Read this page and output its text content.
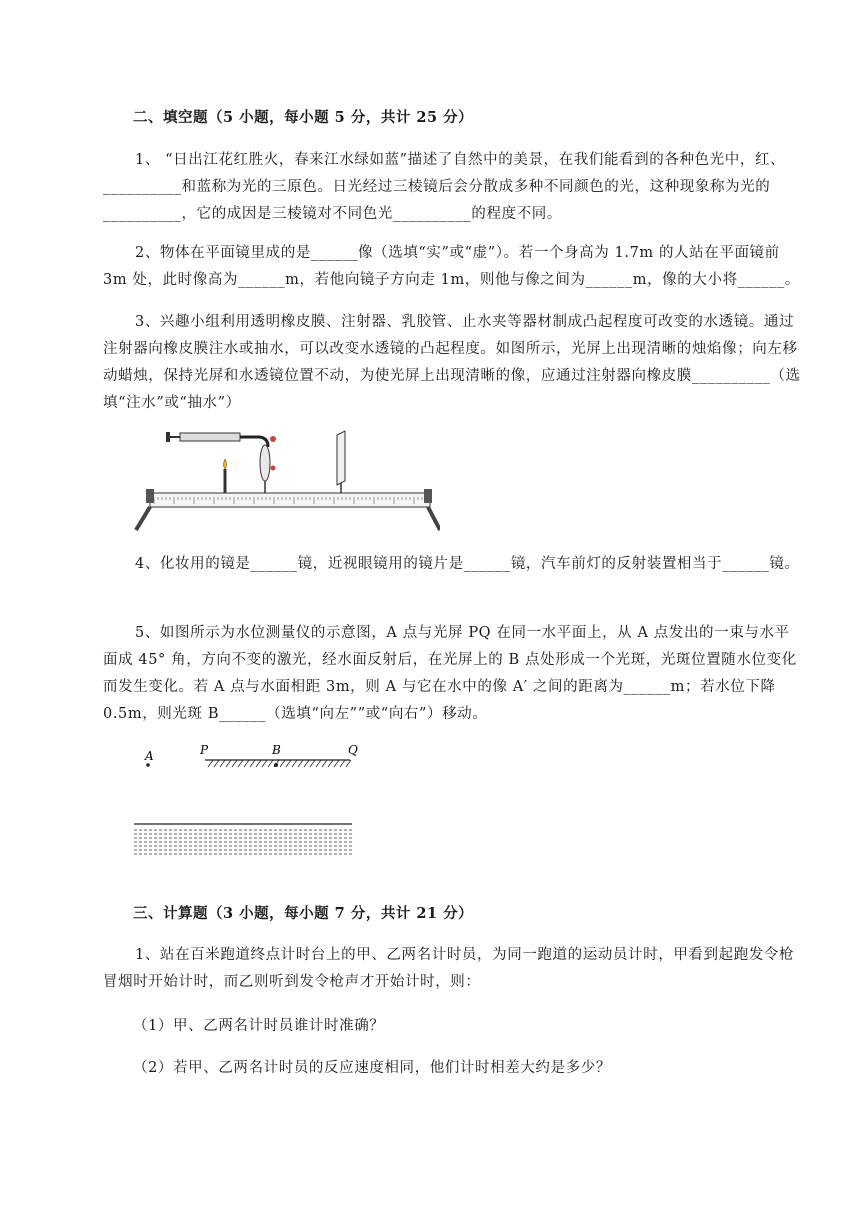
二、填空题（5 小题，每小题 5 分，共计 25 分）
1、 “日出江花红胜火，春来江水绿如蓝”描述了自然中的美景，在我们能看到的各种色光中，红、__________和蓝称为光的三原色。日光经过三棱镜后会分散成多种不同颜色的光，这种现象称为光的__________，它的成因是三棱镜对不同色光__________的程度不同。
2、物体在平面镜里成的是______像（选填“实”或“虚”）。若一个身高为 1.7m 的人站在平面镜前 3m 处，此时像高为______m，若他向镜子方向走 1m，则他与像之间为______m，像的大小将______。
3、兴趣小组利用透明橡皮膜、注射器、乳胶管、止水夹等器材制成凸起程度可改变的水透镜。通过注射器向橡皮膜注水或抽水，可以改变水透镜的凸起程度。如图所示，光屏上出现清晰的烛焰像；向左移动蜡烛，保持光屏和水透镜位置不动，为使光屏上出现清晰的像，应通过注射器向橡皮膜__________（选填“注水”或“抽水”）
4、化妆用的镜是______镜，近视眼镜用的镜片是______镜，汽车前灯的反射装置相当于______镜。
5、如图所示为水位测量仪的示意图，A 点与光屏 PQ 在同一水平面上，从 A 点发出的一束与水平面成 45° 角，方向不变的激光，经水面反射后，在光屏上的 B 点处形成一个光斑，光斑位置随水位变化而发生变化。若 A 点与水面相距 3m，则 A 与它在水中的像 A′ 之间的距离为______m；若水位下降 0.5m，则光斑 B______（选填“向左””或“向右”）移动。
A	P	B	Q
三、计算题（3 小题，每小题 7 分，共计 21 分）
1、站在百米跑道终点计时台上的甲、乙两名计时员，为同一跑道的运动员计时，甲看到起跑发令枪冒烟时开始计时，而乙则听到发令枪声才开始计时，则：
（1）甲、乙两名计时员谁计时准确？
（2）若甲、乙两名计时员的反应速度相同，他们计时相差大约是多少？
